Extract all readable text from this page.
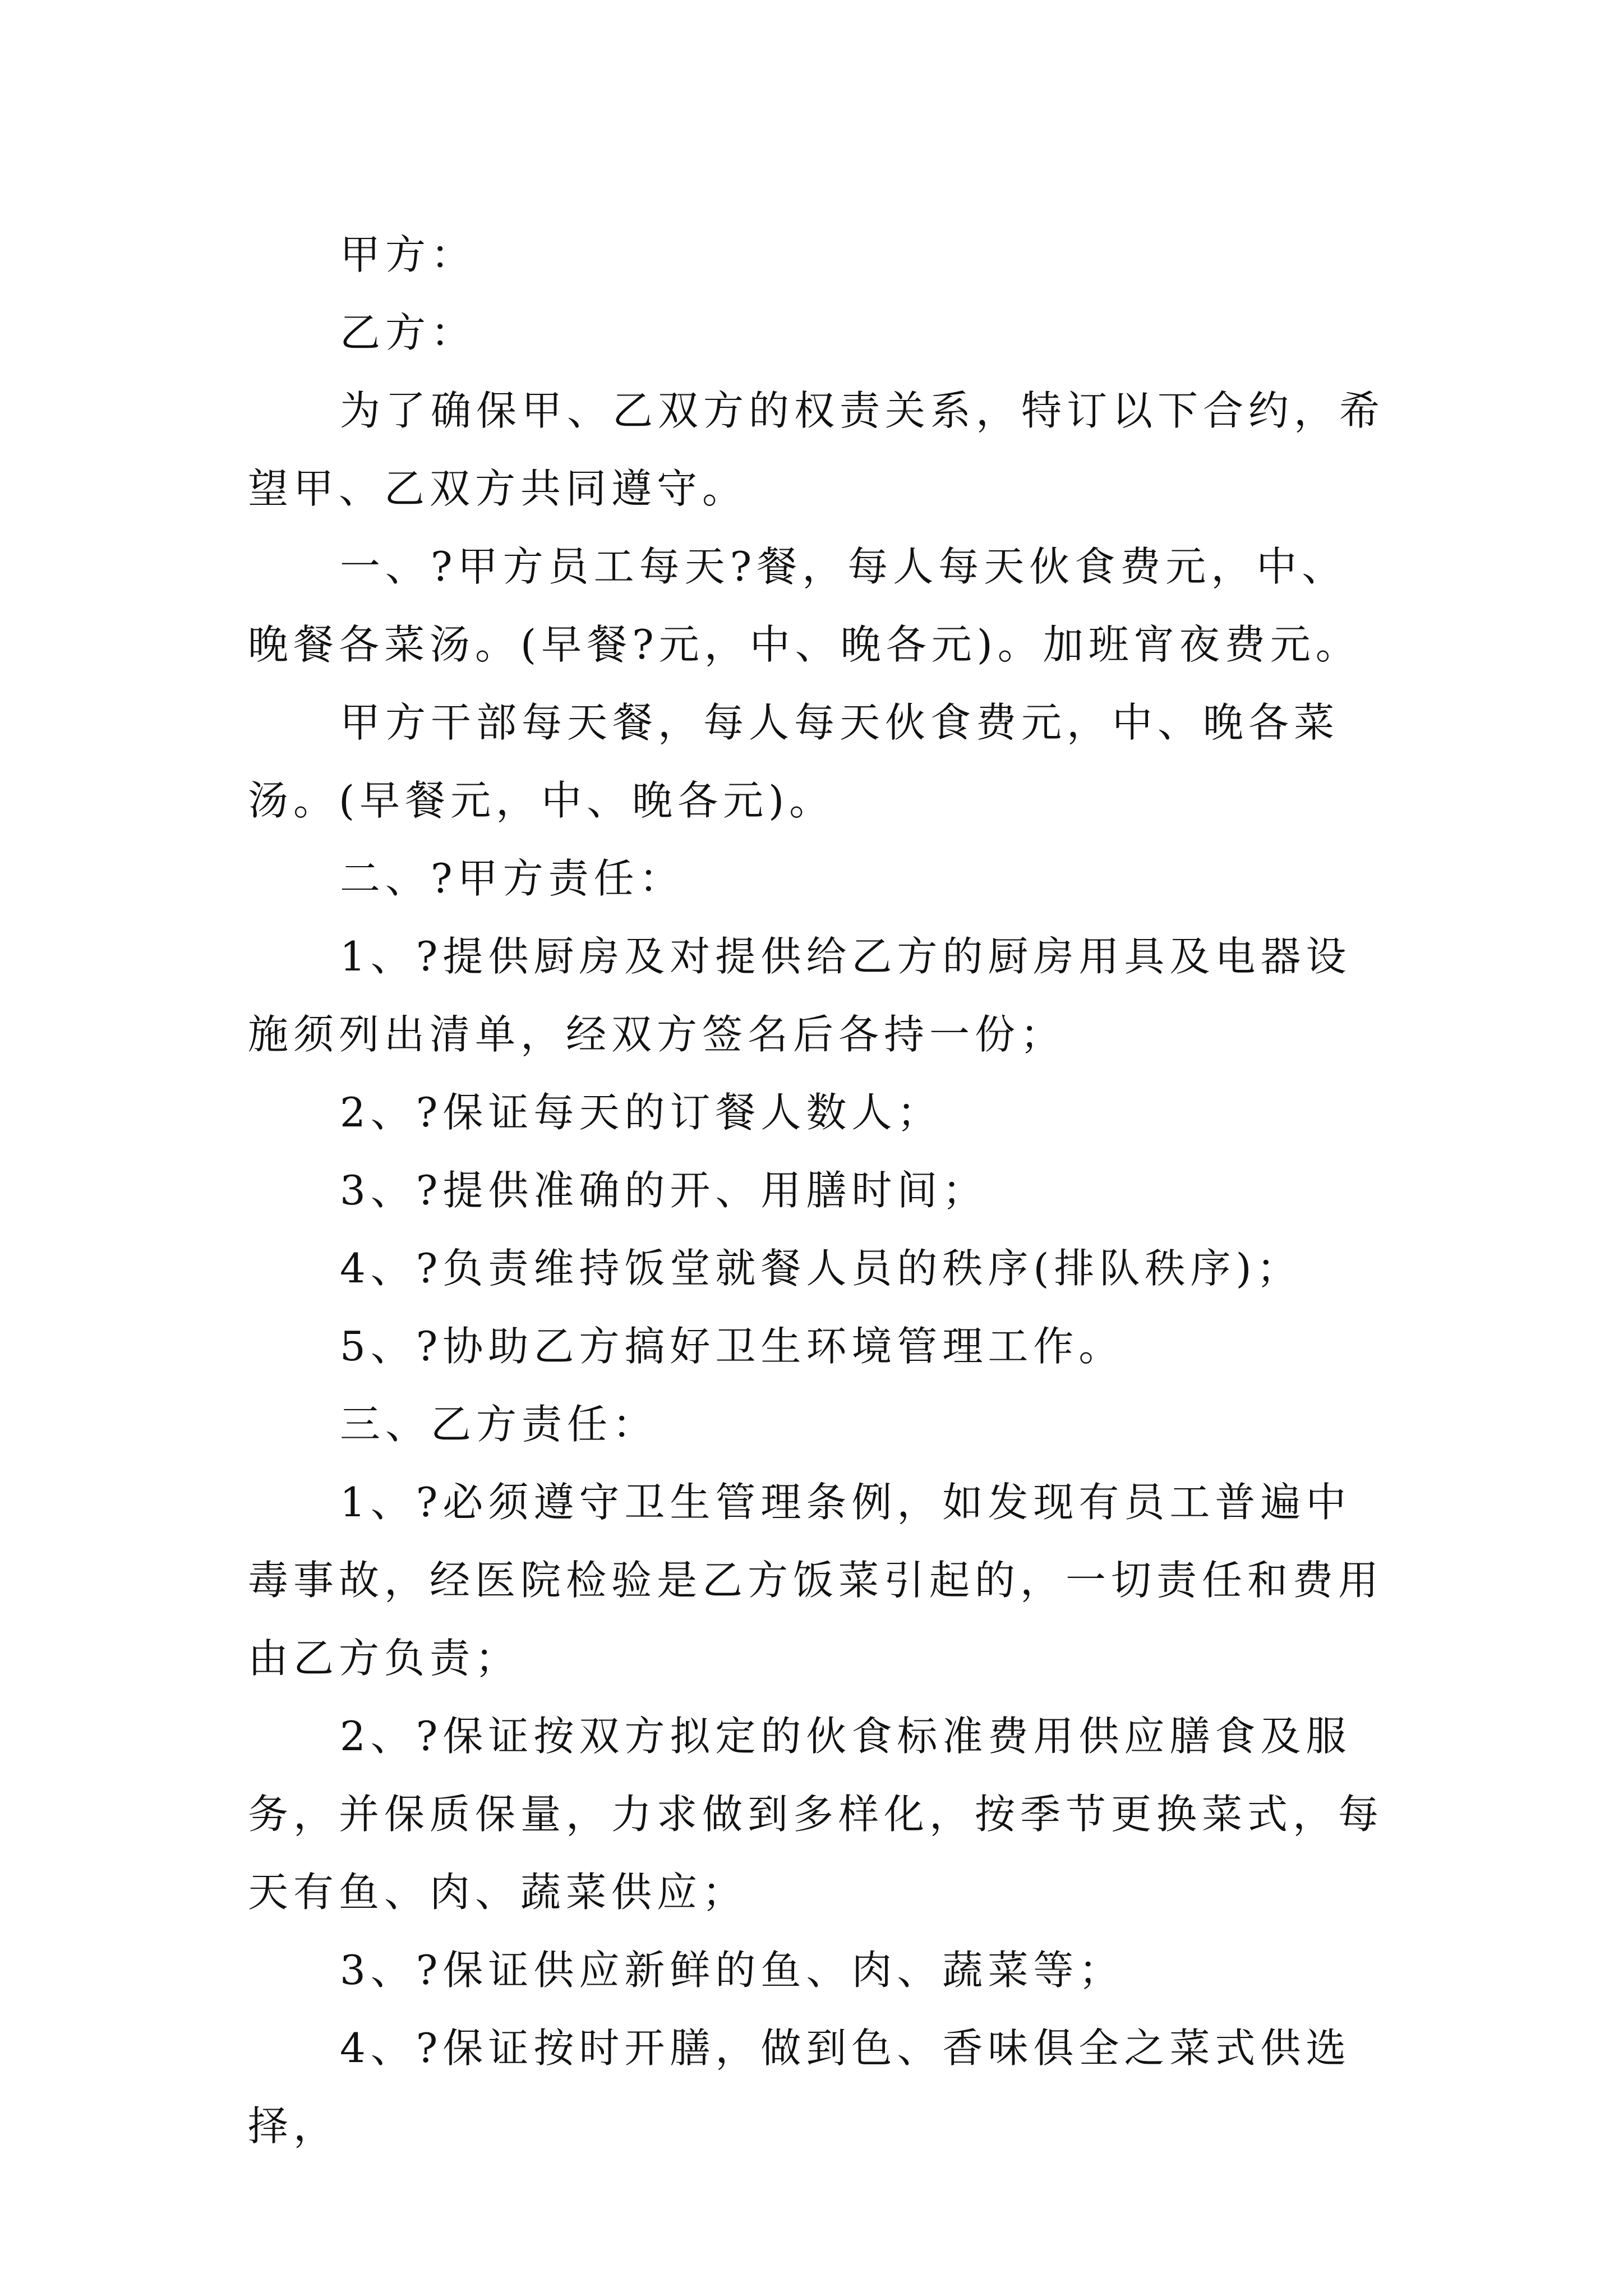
甲方：

乙方：

为了确保甲、乙双方的权责关系，特订以下合约，希望甲、乙双方共同遵守。

一、?甲方员工每天?餐，每人每天伙食费元，中、晚餐各菜汤。(早餐?元，中、晚各元)。加班宵夜费元。

甲方干部每天餐，每人每天伙食费元，中、晚各菜汤。(早餐元，中、晚各元)。

二、?甲方责任：

1、?提供厨房及对提供给乙方的厨房用具及电器设施须列出清单，经双方签名后各持一份；

2、?保证每天的订餐人数人；

3、?提供准确的开、用膳时间；

4、?负责维持饭堂就餐人员的秩序(排队秩序)；

5、?协助乙方搞好卫生环境管理工作。

三、乙方责任：

1、?必须遵守卫生管理条例，如发现有员工普遍中毒事故，经医院检验是乙方饭菜引起的，一切责任和费用由乙方负责；

2、?保证按双方拟定的伙食标准费用供应膳食及服务，并保质保量，力求做到多样化，按季节更换菜式，每天有鱼、肉、蔬菜供应；

3、?保证供应新鲜的鱼、肉、蔬菜等；

4、?保证按时开膳，做到色、香味俱全之菜式供选择，
